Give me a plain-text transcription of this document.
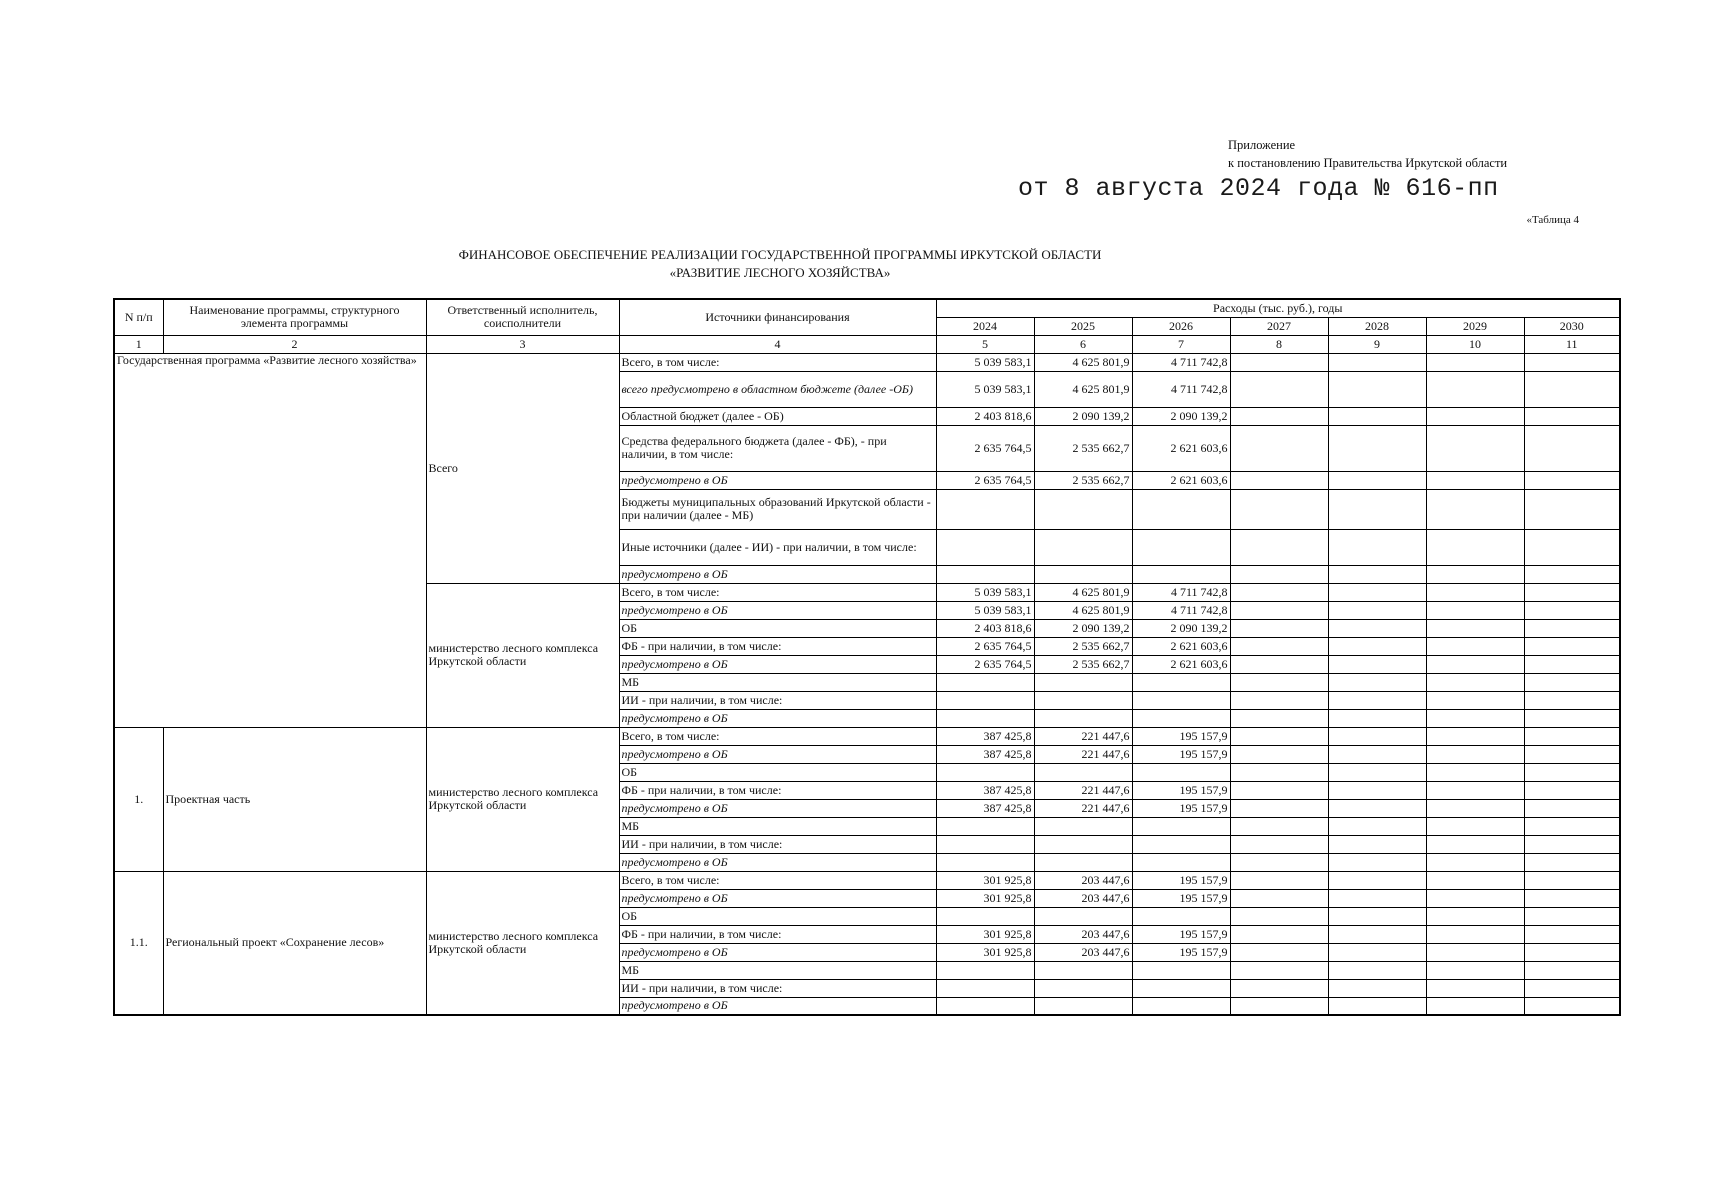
Приложение
к постановлению Правительства Иркутской области
от 8 августа 2024 года № 616-пп
«Таблица 4
ФИНАНСОВОЕ ОБЕСПЕЧЕНИЕ РЕАЛИЗАЦИИ ГОСУДАРСТВЕННОЙ ПРОГРАММЫ ИРКУТСКОЙ ОБЛАСТИ
«РАЗВИТИЕ ЛЕСНОГО ХОЗЯЙСТВА»
N п/п	Наименование программы, структурного элемента программы	Ответственный исполнитель, соисполнители	Источники финансирования	Расходы (тыс. руб.), годы						
				2024	2025	2026	2027	2028	2029	2030
1	2	3	4	5	6	7	8	9	10	11
Государственная программа «Развитие лесного хозяйства»		Всего	Всего, в том числе:	5 039 583,1	4 625 801,9	4 711 742,8				
			всего предусмотрено в областном бюджете (далее -ОБ)	5 039 583,1	4 625 801,9	4 711 742,8				
			Областной бюджет (далее - ОБ)	2 403 818,6	2 090 139,2	2 090 139,2				
			Средства федерального бюджета (далее - ФБ), - при наличии, в том числе:	2 635 764,5	2 535 662,7	2 621 603,6				
			предусмотрено в ОБ	2 635 764,5	2 535 662,7	2 621 603,6				
			Бюджеты муниципальных образований Иркутской области - при наличии (далее - МБ)							
			Иные источники (далее - ИИ) - при наличии, в том числе:							
			предусмотрено в ОБ							
		министерство лесного комплекса Иркутской области	Всего, в том числе:	5 039 583,1	4 625 801,9	4 711 742,8				
			предусмотрено в ОБ	5 039 583,1	4 625 801,9	4 711 742,8				
			ОБ	2 403 818,6	2 090 139,2	2 090 139,2				
			ФБ - при наличии, в том числе:	2 635 764,5	2 535 662,7	2 621 603,6				
			предусмотрено в ОБ	2 635 764,5	2 535 662,7	2 621 603,6				
			МБ							
			ИИ - при наличии, в том числе:							
			предусмотрено в ОБ							
1.	Проектная часть	министерство лесного комплекса Иркутской области	Всего, в том числе:	387 425,8	221 447,6	195 157,9				
			предусмотрено в ОБ	387 425,8	221 447,6	195 157,9				
			ОБ							
			ФБ - при наличии, в том числе:	387 425,8	221 447,6	195 157,9				
			предусмотрено в ОБ	387 425,8	221 447,6	195 157,9				
			МБ							
			ИИ - при наличии, в том числе:							
			предусмотрено в ОБ							
1.1.	Региональный проект «Сохранение лесов»	министерство лесного комплекса Иркутской области	Всего, в том числе:	301 925,8	203 447,6	195 157,9				
			предусмотрено в ОБ	301 925,8	203 447,6	195 157,9				
			ОБ							
			ФБ - при наличии, в том числе:	301 925,8	203 447,6	195 157,9				
			предусмотрено в ОБ	301 925,8	203 447,6	195 157,9				
			МБ							
			ИИ - при наличии, в том числе:							
			предусмотрено в ОБ							
